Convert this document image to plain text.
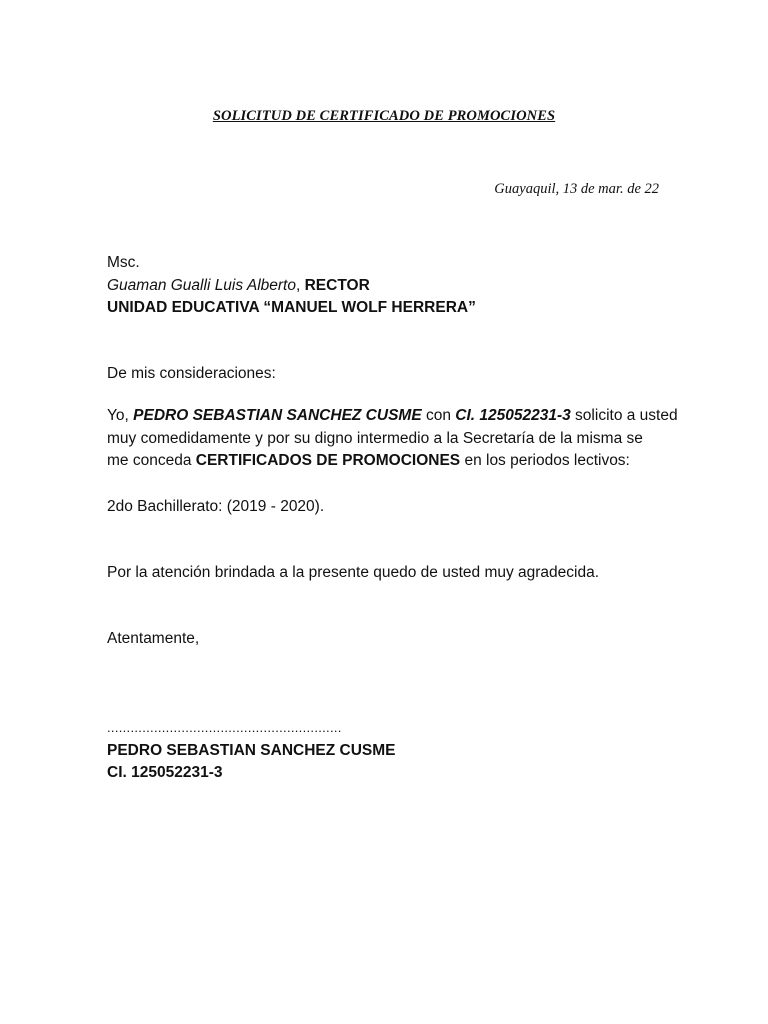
SOLICITUD DE CERTIFICADO DE PROMOCIONES
Guayaquil, 13 de mar. de 22
Msc.
Guaman Gualli Luis Alberto, RECTOR
UNIDAD EDUCATIVA “MANUEL WOLF HERRERA”
De mis consideraciones:
Yo, PEDRO SEBASTIAN SANCHEZ CUSME con CI. 125052231-3 solicito a usted
muy comedidamente y por su digno intermedio a la Secretaría de la misma se
me conceda CERTIFICADOS DE PROMOCIONES en los periodos lectivos:
2do Bachillerato: (2019 - 2020).
Por la atención brindada a la presente quedo de usted muy agradecida.
Atentamente,
............................................................
PEDRO SEBASTIAN SANCHEZ CUSME
CI. 125052231-3
